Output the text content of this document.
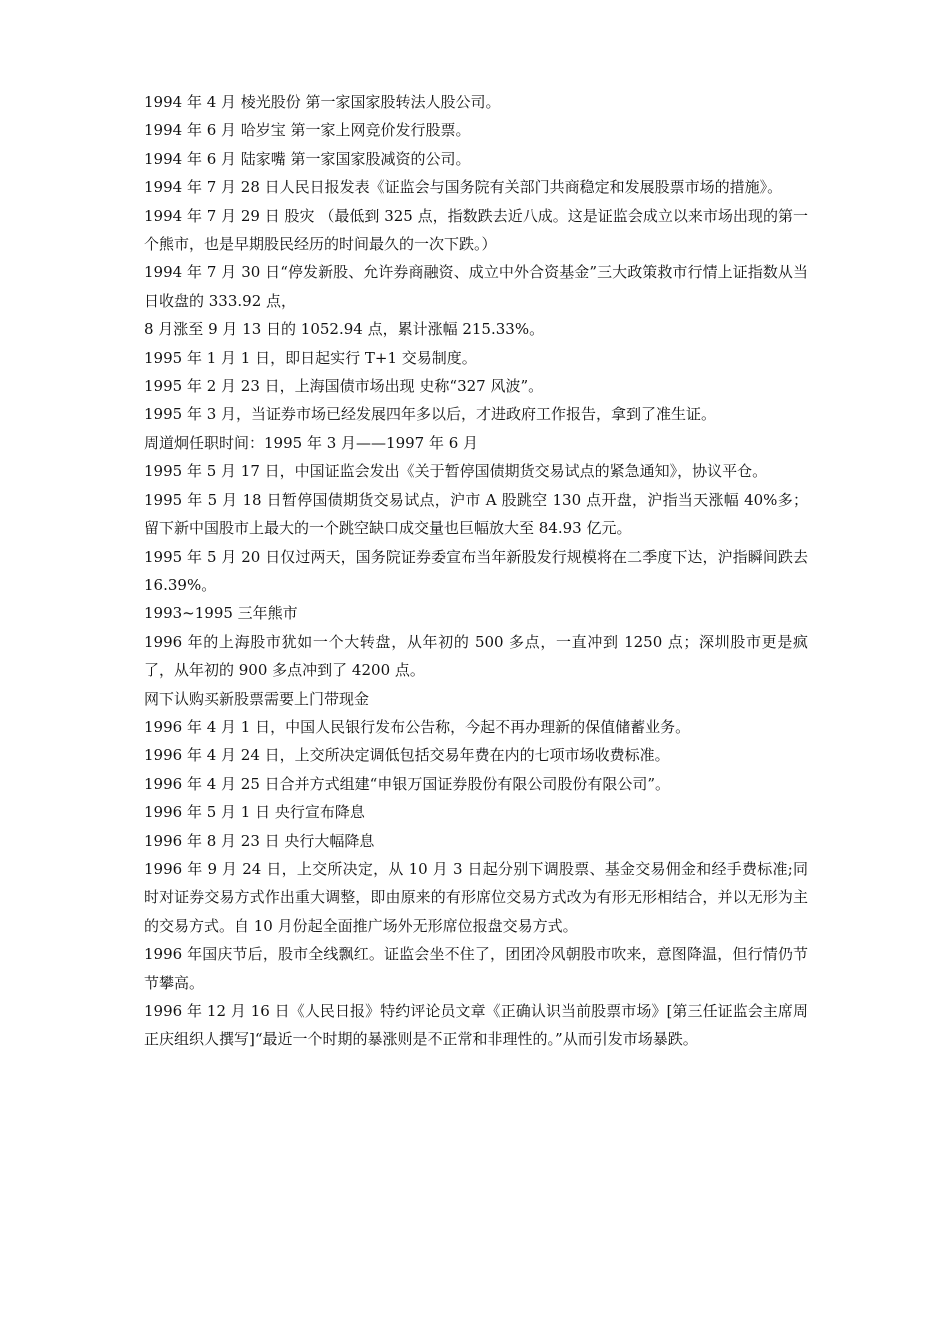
1994 年 4 月 棱光股份 第一家国家股转法人股公司。

1994 年 6 月 哈岁宝 第一家上网竞价发行股票。

1994 年 6 月 陆家嘴 第一家国家股减资的公司。

1994 年 7 月 28 日人民日报发表《证监会与国务院有关部门共商稳定和发展股票市场的措施》。

1994 年 7 月 29 日 股灾 （最低到 325 点，指数跌去近八成。这是证监会成立以来市场出现的第一个熊市，也是早期股民经历的时间最久的一次下跌。）

1994 年 7 月 30 日“停发新股、允许券商融资、成立中外合资基金”三大政策救市行情上证指数从当日收盘的 333.92 点，

8 月涨至 9 月 13 日的 1052.94 点，累计涨幅 215.33%。

1995 年 1 月 1 日，即日起实行 T+1 交易制度。

1995 年 2 月 23 日，上海国债市场出现 史称“327 风波”。

1995 年 3 月，当证券市场已经发展四年多以后，才进政府工作报告，拿到了准生证。

周道炯任职时间：1995 年 3 月——1997 年 6 月

1995 年 5 月 17 日，中国证监会发出《关于暂停国债期货交易试点的紧急通知》，协议平仓。

1995 年 5 月 18 日暂停国债期货交易试点，沪市 A 股跳空 130 点开盘，沪指当天涨幅 40%多；留下新中国股市上最大的一个跳空缺口成交量也巨幅放大至 84.93 亿元。

1995 年 5 月 20 日仅过两天，国务院证券委宣布当年新股发行规模将在二季度下达，沪指瞬间跌去 16.39%。

1993~1995 三年熊市

1996 年的上海股市犹如一个大转盘，从年初的 500 多点，一直冲到 1250 点；深圳股市更是疯了，从年初的 900 多点冲到了 4200 点。

网下认购买新股票需要上门带现金

1996 年 4 月 1 日，中国人民银行发布公告称，今起不再办理新的保值储蓄业务。

1996 年 4 月 24 日，上交所决定调低包括交易年费在内的七项市场收费标准。

1996 年 4 月 25 日合并方式组建“申银万国证券股份有限公司股份有限公司”。

1996 年 5 月 1 日 央行宣布降息

1996 年 8 月 23 日 央行大幅降息

1996 年 9 月 24 日，上交所决定，从 10 月 3 日起分别下调股票、基金交易佣金和经手费标准;同时对证券交易方式作出重大调整，即由原来的有形席位交易方式改为有形无形相结合，并以无形为主的交易方式。自 10 月份起全面推广场外无形席位报盘交易方式。

1996 年国庆节后，股市全线飘红。证监会坐不住了，团团冷风朝股市吹来，意图降温，但行情仍节节攀高。

1996 年 12 月 16 日《人民日报》特约评论员文章《正确认识当前股票市场》[第三任证监会主席周正庆组织人撰写]“最近一个时期的暴涨则是不正常和非理性的。”从而引发市场暴跌。
